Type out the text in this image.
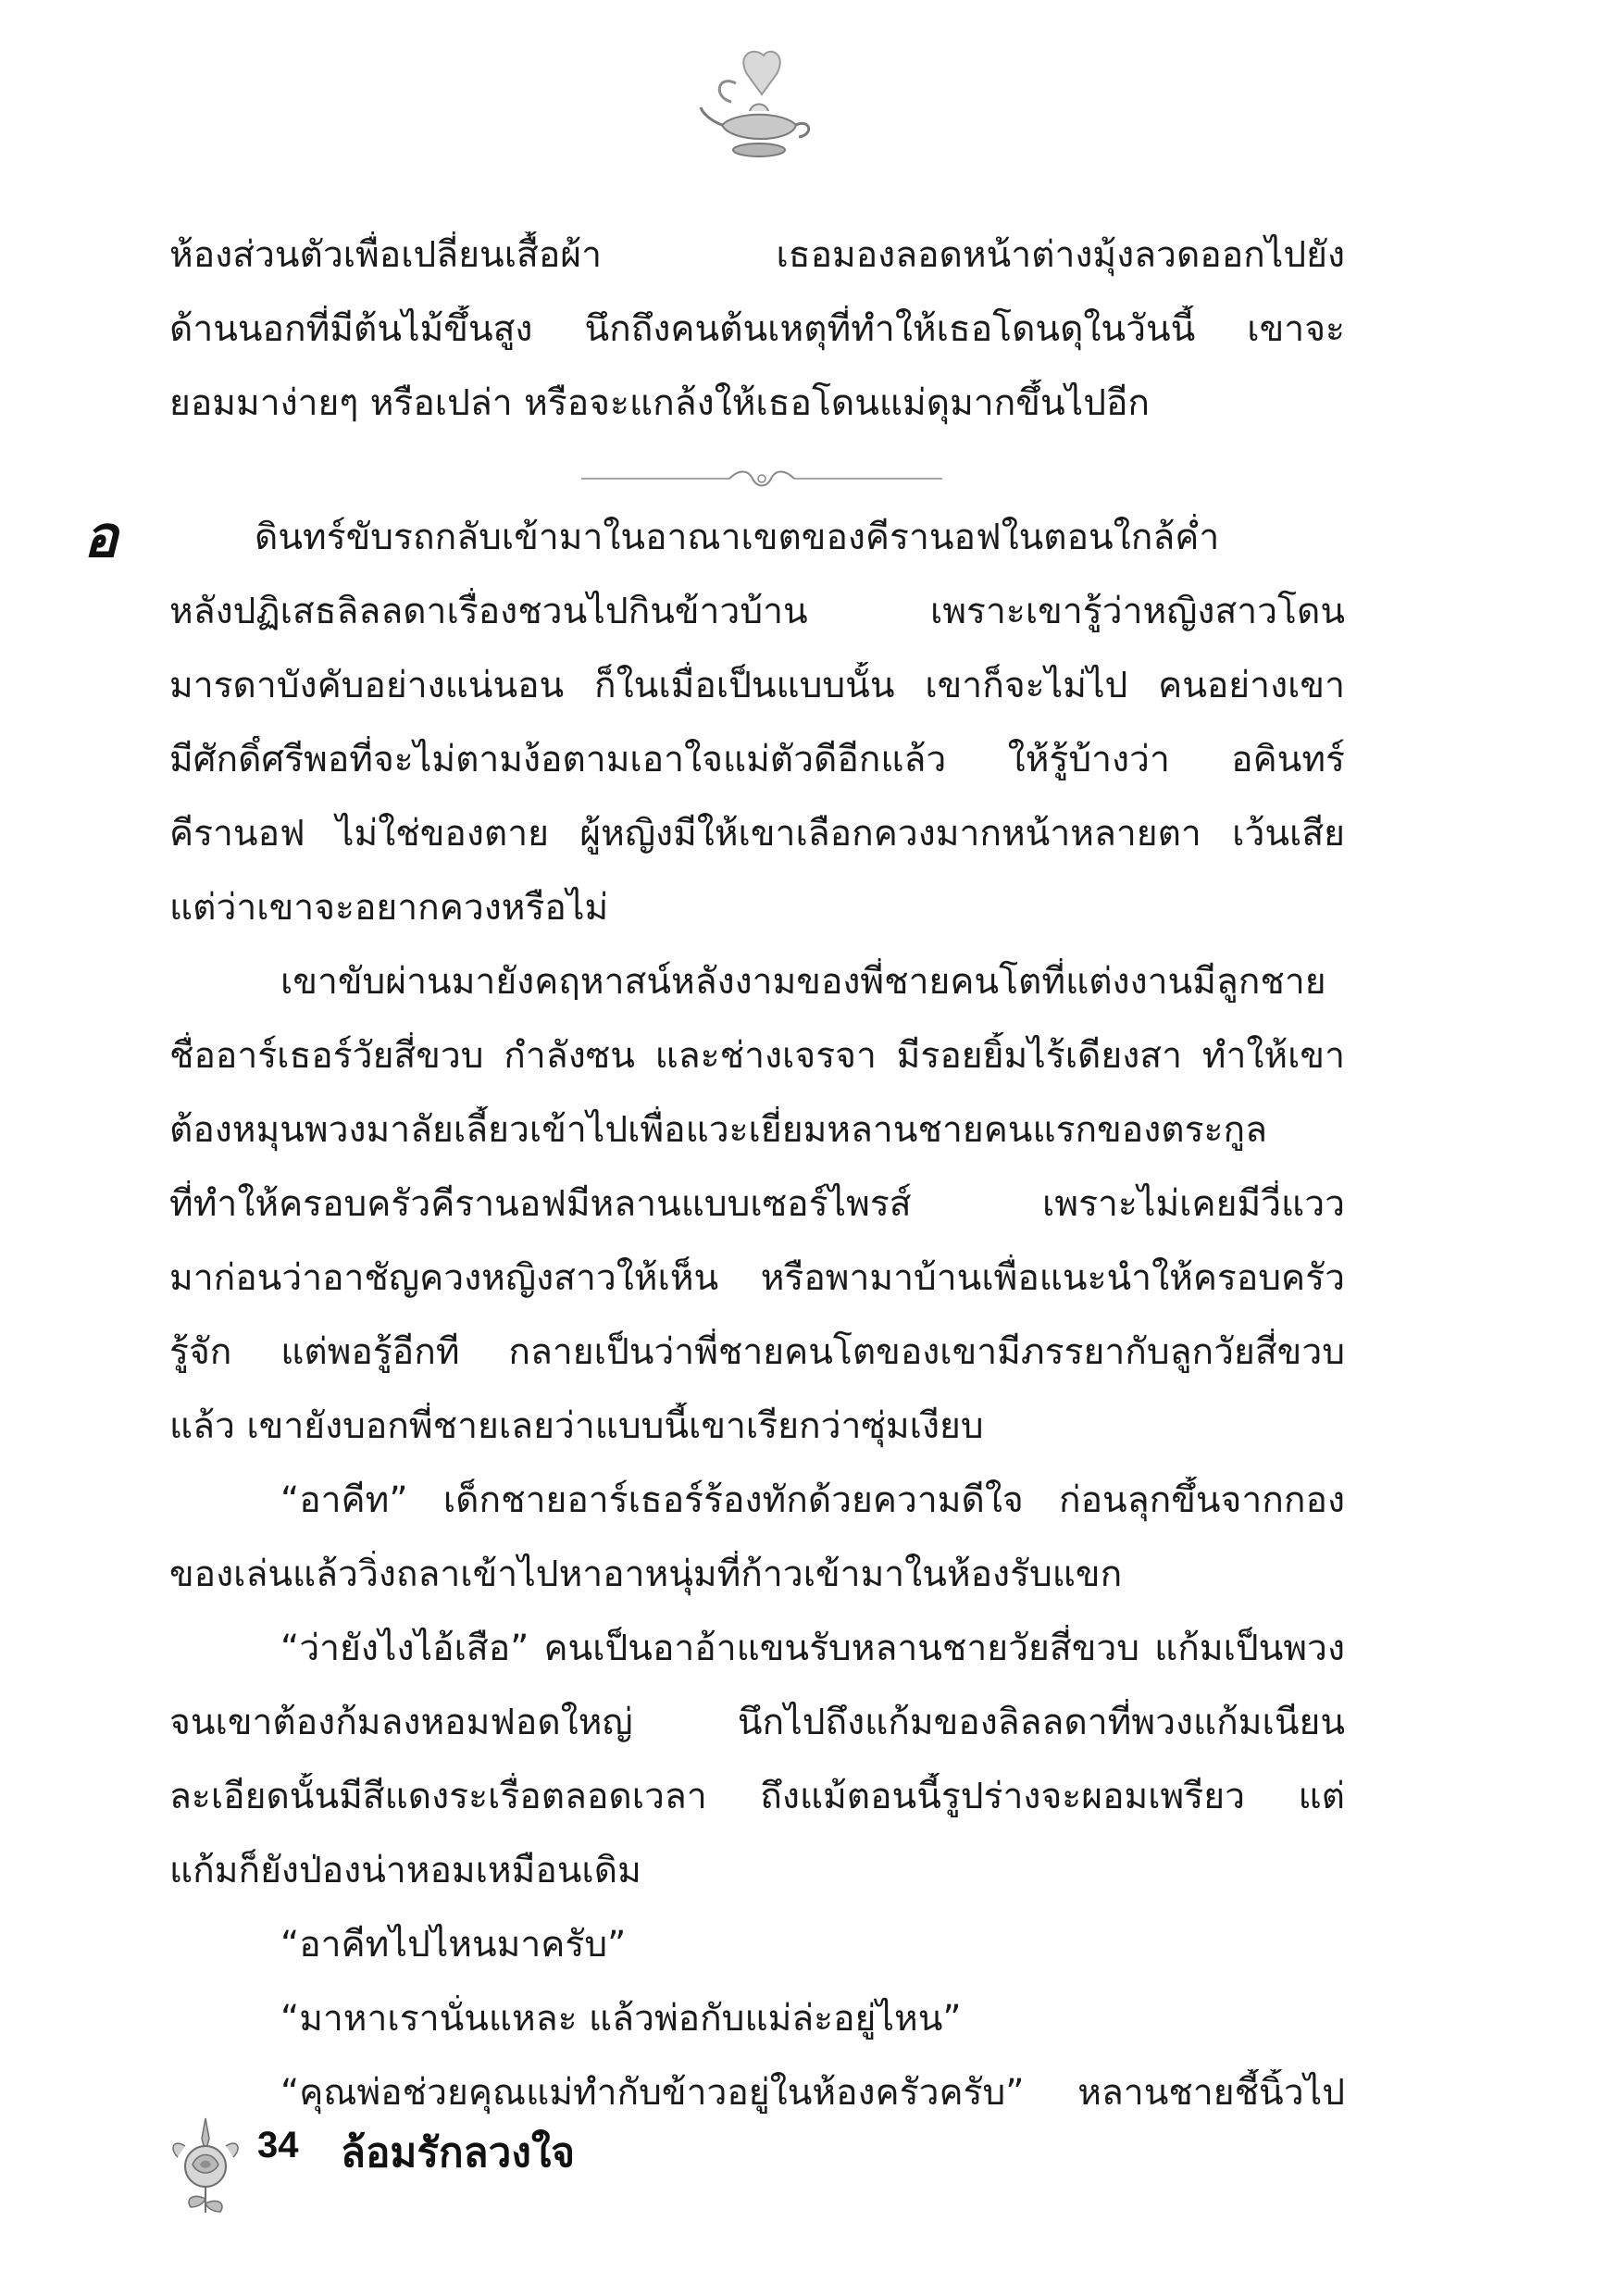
ห้องส่วนตัวเพื่อเปลี่ยนเสื้อผ้า เธอมองลอดหน้าต่างมุ้งลวดออกไปยัง
ด้านนอกที่มีต้นไม้ขึ้นสูง นึกถึงคนต้นเหตุที่ทำให้เธอโดนดุในวันนี้ เขาจะ
ยอมมาง่ายๆ หรือเปล่า หรือจะแกล้งให้เธอโดนแม่ดุมากขึ้นไปอีก
อ	ดินทร์ขับรถกลับเข้ามาในอาณาเขตของคีรานอฟในตอนใกล้ค่ำ
หลังปฏิเสธลิลลดาเรื่องชวนไปกินข้าวบ้าน เพราะเขารู้ว่าหญิงสาวโดน
มารดาบังคับอย่างแน่นอน ก็ในเมื่อเป็นแบบนั้น เขาก็จะไม่ไป คนอย่างเขา
มีศักดิ์ศรีพอที่จะไม่ตามง้อตามเอาใจแม่ตัวดีอีกแล้ว ให้รู้บ้างว่า อคินทร์
คีรานอฟ ไม่ใช่ของตาย ผู้หญิงมีให้เขาเลือกควงมากหน้าหลายตา เว้นเสีย
แต่ว่าเขาจะอยากควงหรือไม่
เขาขับผ่านมายังคฤหาสน์หลังงามของพี่ชายคนโตที่แต่งงานมีลูกชาย
ชื่ออาร์เธอร์วัยสี่ขวบ กำลังซน และช่างเจรจา มีรอยยิ้มไร้เดียงสา ทำให้เขา
ต้องหมุนพวงมาลัยเลี้ยวเข้าไปเพื่อแวะเยี่ยมหลานชายคนแรกของตระกูล
ที่ทำให้ครอบครัวคีรานอฟมีหลานแบบเซอร์ไพรส์ เพราะไม่เคยมีวี่แวว
มาก่อนว่าอาชัญควงหญิงสาวให้เห็น หรือพามาบ้านเพื่อแนะนำให้ครอบครัว
รู้จัก แต่พอรู้อีกที กลายเป็นว่าพี่ชายคนโตของเขามีภรรยากับลูกวัยสี่ขวบ
แล้ว เขายังบอกพี่ชายเลยว่าแบบนี้เขาเรียกว่าซุ่มเงียบ
“อาคีท” เด็กชายอาร์เธอร์ร้องทักด้วยความดีใจ ก่อนลุกขึ้นจากกอง
ของเล่นแล้ววิ่งถลาเข้าไปหาอาหนุ่มที่ก้าวเข้ามาในห้องรับแขก
“ว่ายังไงไอ้เสือ” คนเป็นอาอ้าแขนรับหลานชายวัยสี่ขวบ แก้มเป็นพวง
จนเขาต้องก้มลงหอมฟอดใหญ่ นึกไปถึงแก้มของลิลลดาที่พวงแก้มเนียน
ละเอียดนั้นมีสีแดงระเรื่อตลอดเวลา ถึงแม้ตอนนี้รูปร่างจะผอมเพรียว แต่
แก้มก็ยังป่องน่าหอมเหมือนเดิม
“อาคีทไปไหนมาครับ”
“มาหาเรานั่นแหละ แล้วพ่อกับแม่ล่ะอยู่ไหน”
“คุณพ่อช่วยคุณแม่ทำกับข้าวอยู่ในห้องครัวครับ” หลานชายชี้นิ้วไป
34 ล้อมรักลวงใจ
